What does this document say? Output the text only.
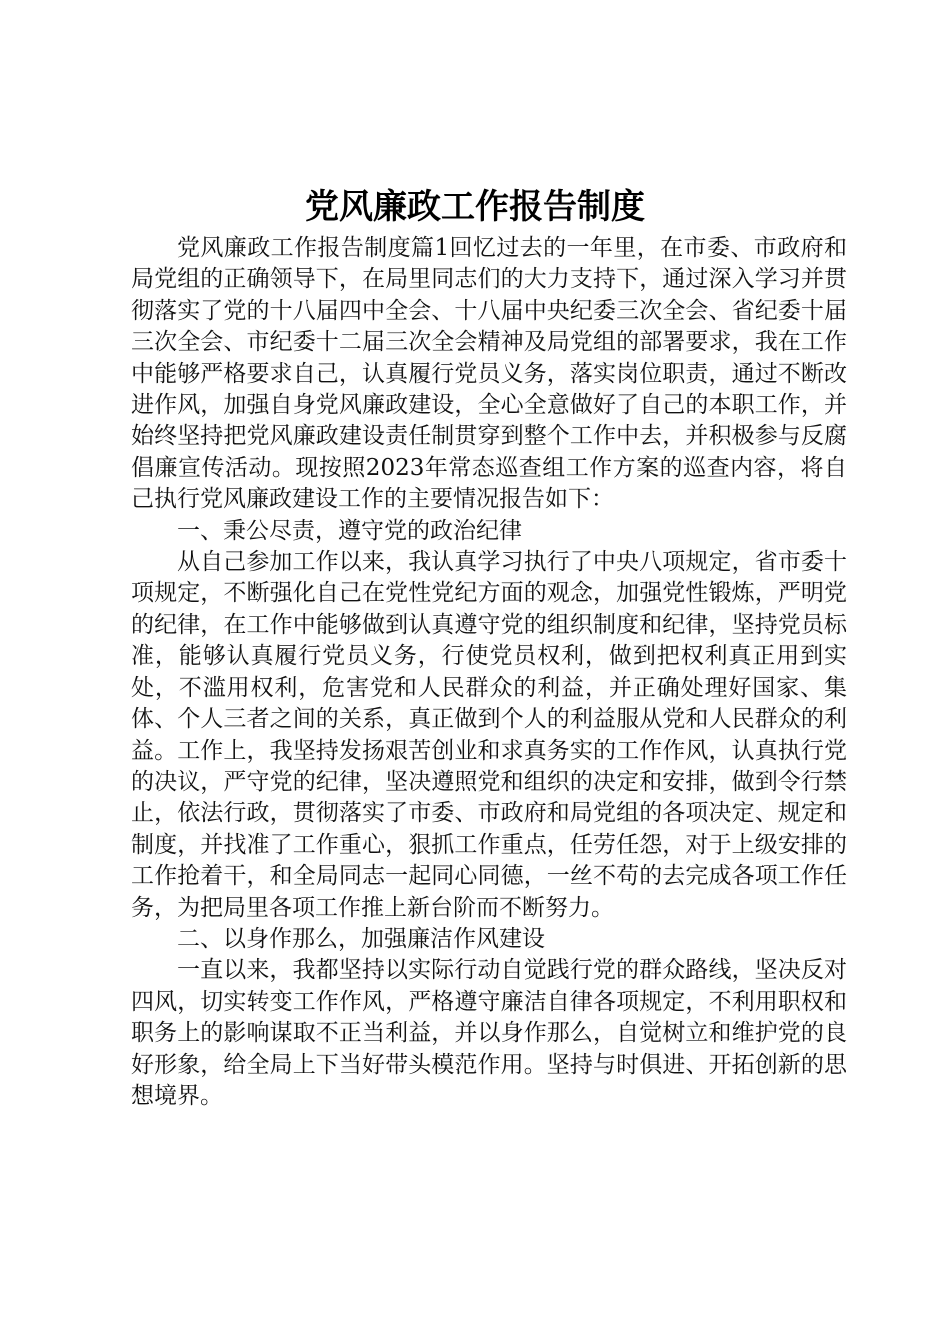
党风廉政工作报告制度

党风廉政工作报告制度篇1回忆过去的一年里，在市委、市政府和局党组的正确领导下，在局里同志们的大力支持下，通过深入学习并贯彻落实了党的十八届四中全会、十八届中央纪委三次全会、省纪委十届三次全会、市纪委十二届三次全会精神及局党组的部署要求，我在工作中能够严格要求自己，认真履行党员义务，落实岗位职责，通过不断改进作风，加强自身党风廉政建设，全心全意做好了自己的本职工作，并始终坚持把党风廉政建设责任制贯穿到整个工作中去，并积极参与反腐倡廉宣传活动。现按照2023年常态巡查组工作方案的巡查内容，将自己执行党风廉政建设工作的主要情况报告如下：

一、秉公尽责，遵守党的政治纪律

从自己参加工作以来，我认真学习执行了中央八项规定，省市委十项规定，不断强化自己在党性党纪方面的观念，加强党性锻炼，严明党的纪律，在工作中能够做到认真遵守党的组织制度和纪律，坚持党员标准，能够认真履行党员义务，行使党员权利，做到把权利真正用到实处，不滥用权利，危害党和人民群众的利益，并正确处理好国家、集体、个人三者之间的关系，真正做到个人的利益服从党和人民群众的利益。工作上，我坚持发扬艰苦创业和求真务实的工作作风，认真执行党的决议，严守党的纪律，坚决遵照党和组织的决定和安排，做到令行禁止，依法行政，贯彻落实了市委、市政府和局党组的各项决定、规定和制度，并找准了工作重心，狠抓工作重点，任劳任怨，对于上级安排的工作抢着干，和全局同志一起同心同德，一丝不苟的去完成各项工作任务，为把局里各项工作推上新台阶而不断努力。

二、以身作那么，加强廉洁作风建设

一直以来，我都坚持以实际行动自觉践行党的群众路线，坚决反对四风，切实转变工作作风，严格遵守廉洁自律各项规定，不利用职权和职务上的影响谋取不正当利益，并以身作那么，自觉树立和维护党的良好形象，给全局上下当好带头模范作用。坚持与时俱进、开拓创新的思想境界。
